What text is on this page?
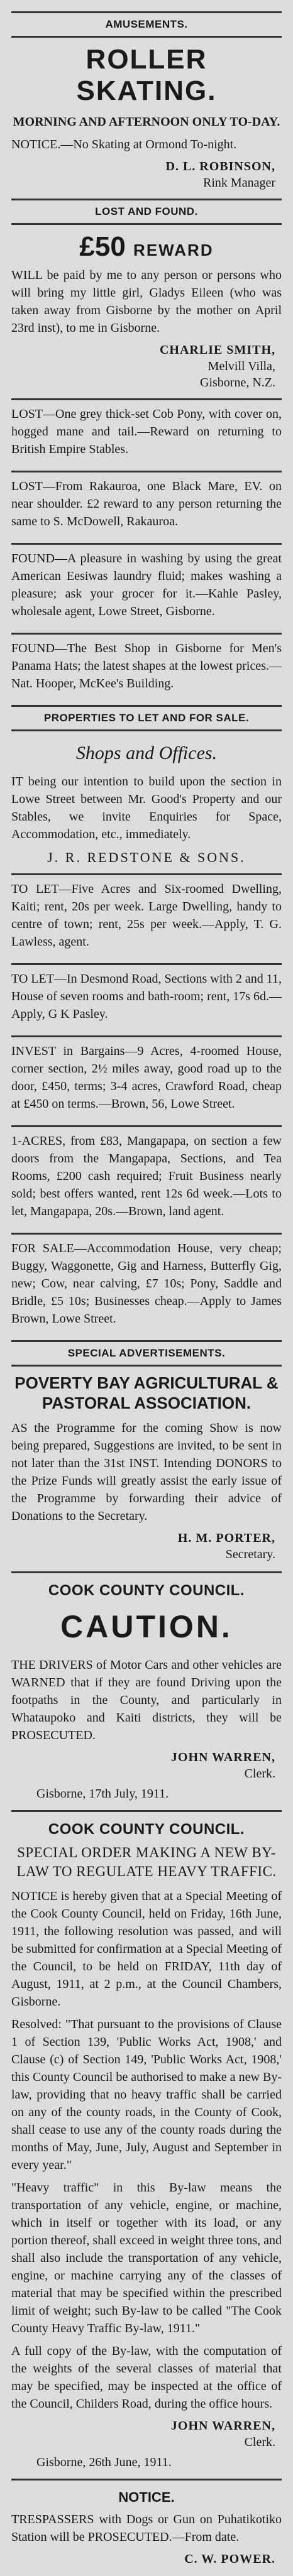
AMUSEMENTS.
ROLLER SKATING.

MORNING AND AFTERNOON ONLY TO-DAY.

NOTICE.—No Skating at Ormond To-night.

D. L. ROBINSON,
Rink Manager
LOST AND FOUND.
£50 REWARD

WILL be paid by me to any person or persons who will bring my little girl, Gladys Eileen (who was taken away from Gisborne by the mother on April 23rd inst), to me in Gisborne.

CHARLIE SMITH,
Melvill Villa,
Gisborne, N.Z.

LOST—One grey thick-set Cob Pony, with cover on, hogged mane and tail.—Reward on returning to British Empire Stables.

LOST—From Rakauroa, one Black Mare, EV. on near shoulder. £2 reward to any person returning the same to S. McDowell, Rakauroa.

FOUND—A pleasure in washing by using the great American Eesiwas laundry fluid; makes washing a pleasure; ask your grocer for it.—Kahle Pasley, wholesale agent, Lowe Street, Gisborne.

FOUND—The Best Shop in Gisborne for Men's Panama Hats; the latest shapes at the lowest prices.—Nat. Hooper, McKee's Building.

PROPERTIES TO LET AND FOR SALE.
Shops and Offices.

IT being our intention to build upon the section in Lowe Street between Mr. Good's Property and our Stables, we invite Enquiries for Space, Accommodation, etc., immediately.

J. R. REDSTONE & SONS.

TO LET—Five Acres and Six-roomed Dwelling, Kaiti; rent, 20s per week. Large Dwelling, handy to centre of town; rent, 25s per week.—Apply, T. G. Lawless, agent.

TO LET—In Desmond Road, Sections with 2 and 11, House of seven rooms and bath-room; rent, 17s 6d.—Apply, G K Pasley.

INVEST in Bargains—9 Acres, 4-roomed House, corner section, 2½ miles away, good road up to the door, £450, terms; 3-4 acres, Crawford Road, cheap at £450 on terms.—Brown, 56, Lowe Street.

1-ACRES, from £83, Mangapapa, on section a few doors from the Mangapapa, Sections, and Tea Rooms, £200 cash required; Fruit Business nearly sold; best offers wanted, rent 12s 6d week.—Lots to let, Mangapapa, 20s.—Brown, land agent.

FOR SALE—Accommodation House, very cheap; Buggy, Waggonette, Gig and Harness, Butterfly Gig, new; Cow, near calving, £7 10s; Pony, Saddle and Bridle, £5 10s; Businesses cheap.—Apply to James Brown, Lowe Street.

SPECIAL ADVERTISEMENTS.
POVERTY BAY AGRICULTURAL & PASTORAL ASSOCIATION.

AS the Programme for the coming Show is now being prepared, Suggestions are invited, to be sent in not later than the 31st INST. Intending DONORS to the Prize Funds will greatly assist the early issue of the Programme by forwarding their advice of Donations to the Secretary.

H. M. PORTER,
Secretary.
COOK COUNTY COUNCIL.
CAUTION.

THE DRIVERS of Motor Cars and other vehicles are WARNED that if they are found Driving upon the footpaths in the County, and particularly in Whataupoko and Kaiti districts, they will be PROSECUTED.

JOHN WARREN,
Clerk.
Gisborne, 17th July, 1911.
COOK COUNTY COUNCIL.
SPECIAL ORDER MAKING A NEW BY-LAW TO REGULATE HEAVY TRAFFIC.

NOTICE is hereby given that at a Special Meeting of the Cook County Council, held on Friday, 16th June, 1911, the following resolution was passed, and will be submitted for confirmation at a Special Meeting of the Council, to be held on FRIDAY, 11th day of August, 1911, at 2 p.m., at the Council Chambers, Gisborne.

Resolved: "That pursuant to the provisions of Clause 1 of Section 139, 'Public Works Act, 1908,' and Clause (c) of Section 149, 'Public Works Act, 1908,' this County Council be authorised to make a new By-law, providing that no heavy traffic shall be carried on any of the county roads, in the County of Cook, shall cease to use any of the county roads during the months of May, June, July, August and September in every year."

"Heavy traffic" in this By-law means the transportation of any vehicle, engine, or machine, which in itself or together with its load, or any portion thereof, shall exceed in weight three tons, and shall also include the transportation of any vehicle, engine, or machine carrying any of the classes of material that may be specified within the prescribed limit of weight; such By-law to be called "The Cook County Heavy Traffic By-law, 1911."

A full copy of the By-law, with the computation of the weights of the several classes of material that may be specified, may be inspected at the office of the Council, Childers Road, during the office hours.

JOHN WARREN,
Clerk.
Gisborne, 26th June, 1911.
NOTICE.

TRESPASSERS with Dogs or Gun on Puhatikotiko Station will be PROSECUTED.—From date.

C. W. POWER.
